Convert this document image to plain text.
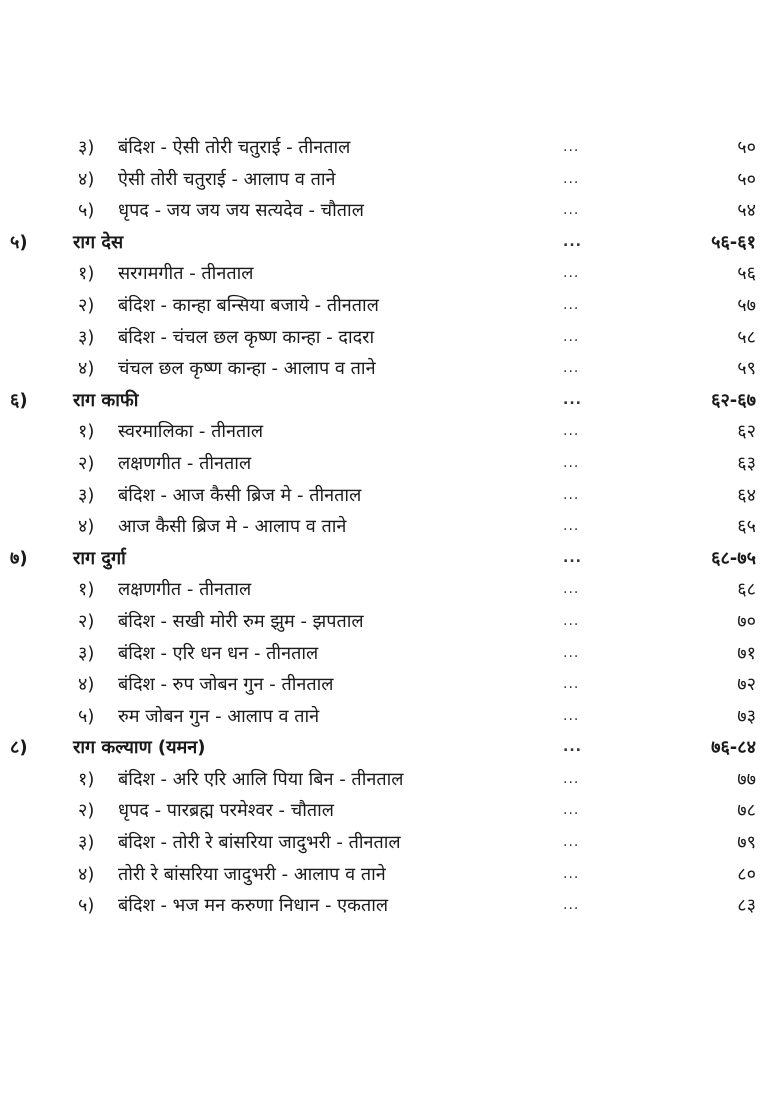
३) बंदिश - ऐसी तोरी चतुराई - तीनताल	...	५०
४) ऐसी तोरी चतुराई - आलाप व ताने	...	५०
५) धृपद - जय जय जय सत्यदेव - चौताल	...	५४
५)	राग देस	...	५६-६१
१) सरगमगीत - तीनताल	...	५६
२) बंदिश - कान्हा बन्सिया बजाये - तीनताल	...	५७
३) बंदिश - चंचल छल कृष्ण कान्हा - दादरा	...	५८
४) चंचल छल कृष्ण कान्हा - आलाप व ताने	...	५९
६)	राग काफी	...	६२-६७
१) स्वरमालिका - तीनताल	...	६२
२) लक्षणगीत - तीनताल	...	६३
३) बंदिश - आज कैसी ब्रिज मे - तीनताल	...	६४
४) आज कैसी ब्रिज मे - आलाप व ताने	...	६५
७)	राग दुर्गा	...	६८-७५
१) लक्षणगीत - तीनताल	...	६८
२) बंदिश - सखी मोरी रुम झुम - झपताल	...	७०
३) बंदिश - एरि धन धन - तीनताल	...	७१
४) बंदिश - रुप जोबन गुन - तीनताल	...	७२
५) रुम जोबन गुन - आलाप व ताने	...	७३
८)	राग कल्याण (यमन)	...	७६-८४
१) बंदिश - अरि एरि आलि पिया बिन - तीनताल	...	७७
२) धृपद - पारब्रह्म परमेश्वर - चौताल	...	७८
३) बंदिश - तोरी रे बांसरिया जादुभरी - तीनताल	...	७९
४) तोरी रे बांसरिया जादुभरी - आलाप व ताने	...	८०
५) बंदिश - भज मन करुणा निधान - एकताल	...	८३
